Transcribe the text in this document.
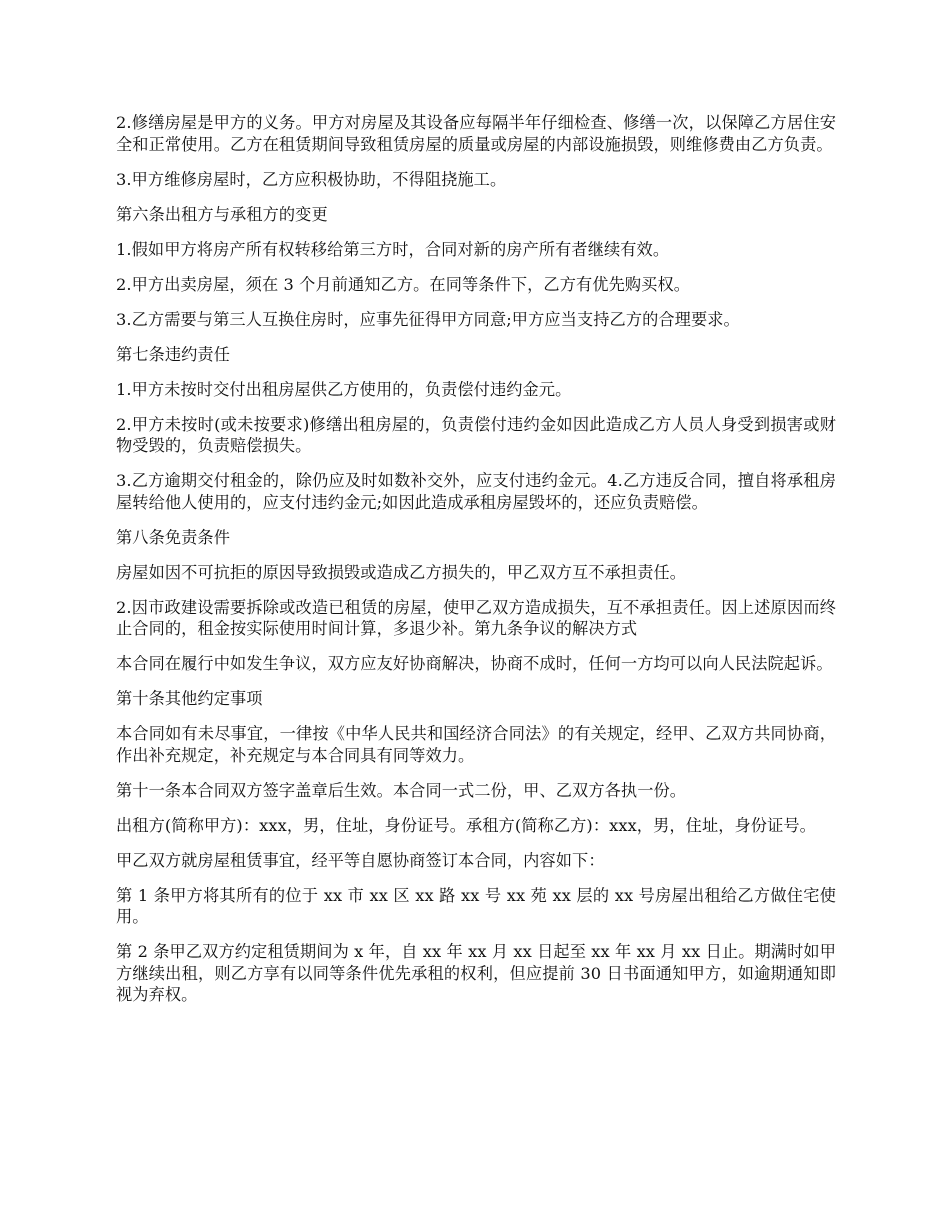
2.修缮房屋是甲方的义务。甲方对房屋及其设备应每隔半年仔细检查、修缮一次，以保障乙方居住安全和正常使用。乙方在租赁期间导致租赁房屋的质量或房屋的内部设施损毁，则维修费由乙方负责。

3.甲方维修房屋时，乙方应积极协助，不得阻挠施工。

第六条出租方与承租方的变更

1.假如甲方将房产所有权转移给第三方时，合同对新的房产所有者继续有效。

2.甲方出卖房屋，须在 3 个月前通知乙方。在同等条件下，乙方有优先购买权。

3.乙方需要与第三人互换住房时，应事先征得甲方同意;甲方应当支持乙方的合理要求。

第七条违约责任

1.甲方未按时交付出租房屋供乙方使用的，负责偿付违约金元。

2.甲方未按时(或未按要求)修缮出租房屋的，负责偿付违约金如因此造成乙方人员人身受到损害或财物受毁的，负责赔偿损失。

3.乙方逾期交付租金的，除仍应及时如数补交外，应支付违约金元。4.乙方违反合同，擅自将承租房屋转给他人使用的，应支付违约金元;如因此造成承租房屋毁坏的，还应负责赔偿。

第八条免责条件

房屋如因不可抗拒的原因导致损毁或造成乙方损失的，甲乙双方互不承担责任。

2.因市政建设需要拆除或改造已租赁的房屋，使甲乙双方造成损失，互不承担责任。因上述原因而终止合同的，租金按实际使用时间计算，多退少补。第九条争议的解决方式

本合同在履行中如发生争议，双方应友好协商解决，协商不成时，任何一方均可以向人民法院起诉。

第十条其他约定事项

本合同如有未尽事宜，一律按《中华人民共和国经济合同法》的有关规定，经甲、乙双方共同协商，作出补充规定，补充规定与本合同具有同等效力。

第十一条本合同双方签字盖章后生效。本合同一式二份，甲、乙双方各执一份。

出租方(简称甲方)：xxx，男，住址，身份证号。承租方(简称乙方)：xxx，男，住址，身份证号。

甲乙双方就房屋租赁事宜，经平等自愿协商签订本合同，内容如下：

第 1 条甲方将其所有的位于 xx 市 xx 区 xx 路 xx 号 xx 苑 xx 层的 xx 号房屋出租给乙方做住宅使用。

第 2 条甲乙双方约定租赁期间为 x 年，自 xx 年 xx 月 xx 日起至 xx 年 xx 月 xx 日止。期满时如甲方继续出租，则乙方享有以同等条件优先承租的权利，但应提前 30 日书面通知甲方，如逾期通知即视为弃权。
